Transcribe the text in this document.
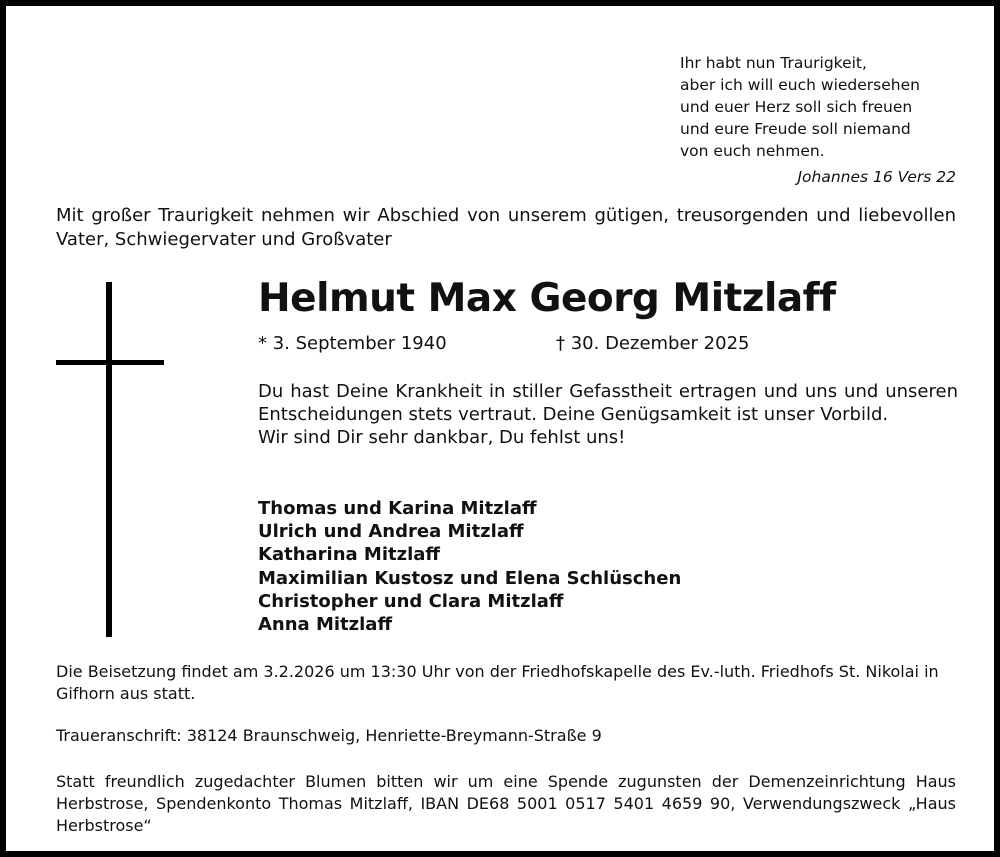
Ihr habt nun Traurigkeit,
aber ich will euch wiedersehen
und euer Herz soll sich freuen
und eure Freude soll niemand
von euch nehmen.
Johannes 16 Vers 22
Mit großer Traurigkeit nehmen wir Abschied von unserem gütigen, treusorgenden und liebevollen Vater, Schwiegervater und Großvater
Helmut Max Georg Mitzlaff
* 3. September 1940	† 30. Dezember 2025
Du hast Deine Krankheit in stiller Gefasstheit ertragen und uns und unseren Entscheidungen stets vertraut. Deine Genügsamkeit ist unser Vorbild.
Wir sind Dir sehr dankbar, Du fehlst uns!
Thomas und Karina Mitzlaff
Ulrich und Andrea Mitzlaff
Katharina Mitzlaff
Maximilian Kustosz und Elena Schlüschen
Christopher und Clara Mitzlaff
Anna Mitzlaff
Die Beisetzung findet am 3.2.2026 um 13:30 Uhr von der Friedhofskapelle des Ev.-luth. Friedhofs St. Nikolai in Gifhorn aus statt.
Traueranschrift: 38124 Braunschweig, Henriette-Breymann-Straße 9
Statt freundlich zugedachter Blumen bitten wir um eine Spende zugunsten der Demenzeinrichtung Haus Herbstrose, Spendenkonto Thomas Mitzlaff, IBAN DE68 5001 0517 5401 4659 90, Verwendungszweck „Haus Herbstrose“
